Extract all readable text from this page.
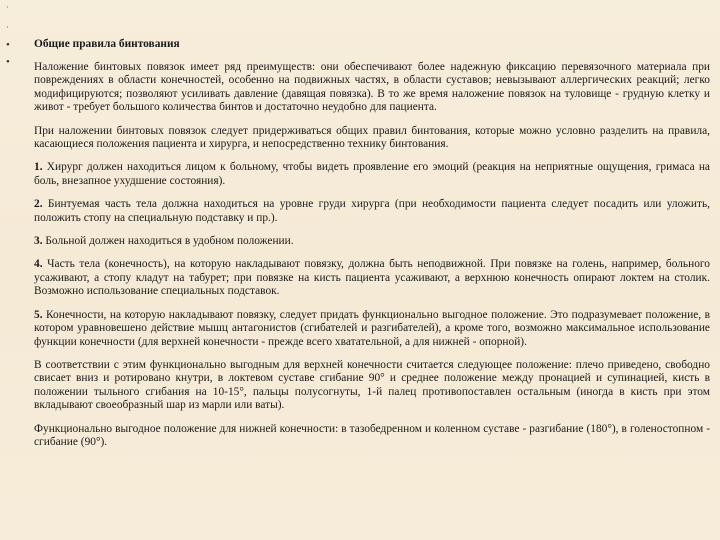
·
·
•
•

Общие правила бинтования

Наложение бинтовых повязок имеет ряд преимуществ: они обеспечивают более надежную фиксацию перевязочного материала при повреждениях в области конечностей, особенно на подвижных частях, в области суставов; невызывают аллергических реакций; легко модифицируются; позволяют усиливать давление (давящая повязка). В то же время наложение повязок на туловище - грудную клетку и живот - требует большого количества бинтов и достаточно неудобно для пациента.

При наложении бинтовых повязок следует придерживаться общих правил бинтования, которые можно условно разделить на правила, касающиеся положения пациента и хирурга, и непосредственно технику бинтования.

1. Хирург должен находиться лицом к больному, чтобы видеть проявление его эмоций (реакция на неприятные ощущения, гримаса на боль, внезапное ухудшение состояния).

2. Бинтуемая часть тела должна находиться на уровне груди хирурга (при необходимости пациента следует посадить или уложить, положить стопу на специальную подставку и пр.).

3. Больной должен находиться в удобном положении.

4. Часть тела (конечность), на которую накладывают повязку, должна быть неподвижной. При повязке на голень, например, больного усаживают, а стопу кладут на табурет; при повязке на кисть пациента усаживают, а верхнюю конечность опирают локтем на столик. Возможно использование специальных подставок.

5. Конечности, на которую накладывают повязку, следует придать функционально выгодное положение. Это подразумевает положение, в котором уравновешено действие мышц антагонистов (сгибателей и разгибателей), а кроме того, возможно максимальное использование функции конечности (для верхней конечности - прежде всего хватательной, а для нижней - опорной).

В соответствии с этим функционально выгодным для верхней конечности считается следующее положение: плечо приведено, свободно свисает вниз и ротировано кнутри, в локтевом суставе сгибание 90° и среднее положение между пронацией и супинацией, кисть в положении тыльного сгибания на 10-15°, пальцы полусогнуты, 1-й палец противопоставлен остальным (иногда в кисть при этом вкладывают своеобразный шар из марли или ваты).

Функционально выгодное положение для нижней конечности: в тазобедренном и коленном суставе - разгибание (180°), в голеностопном - сгибание (90°).
